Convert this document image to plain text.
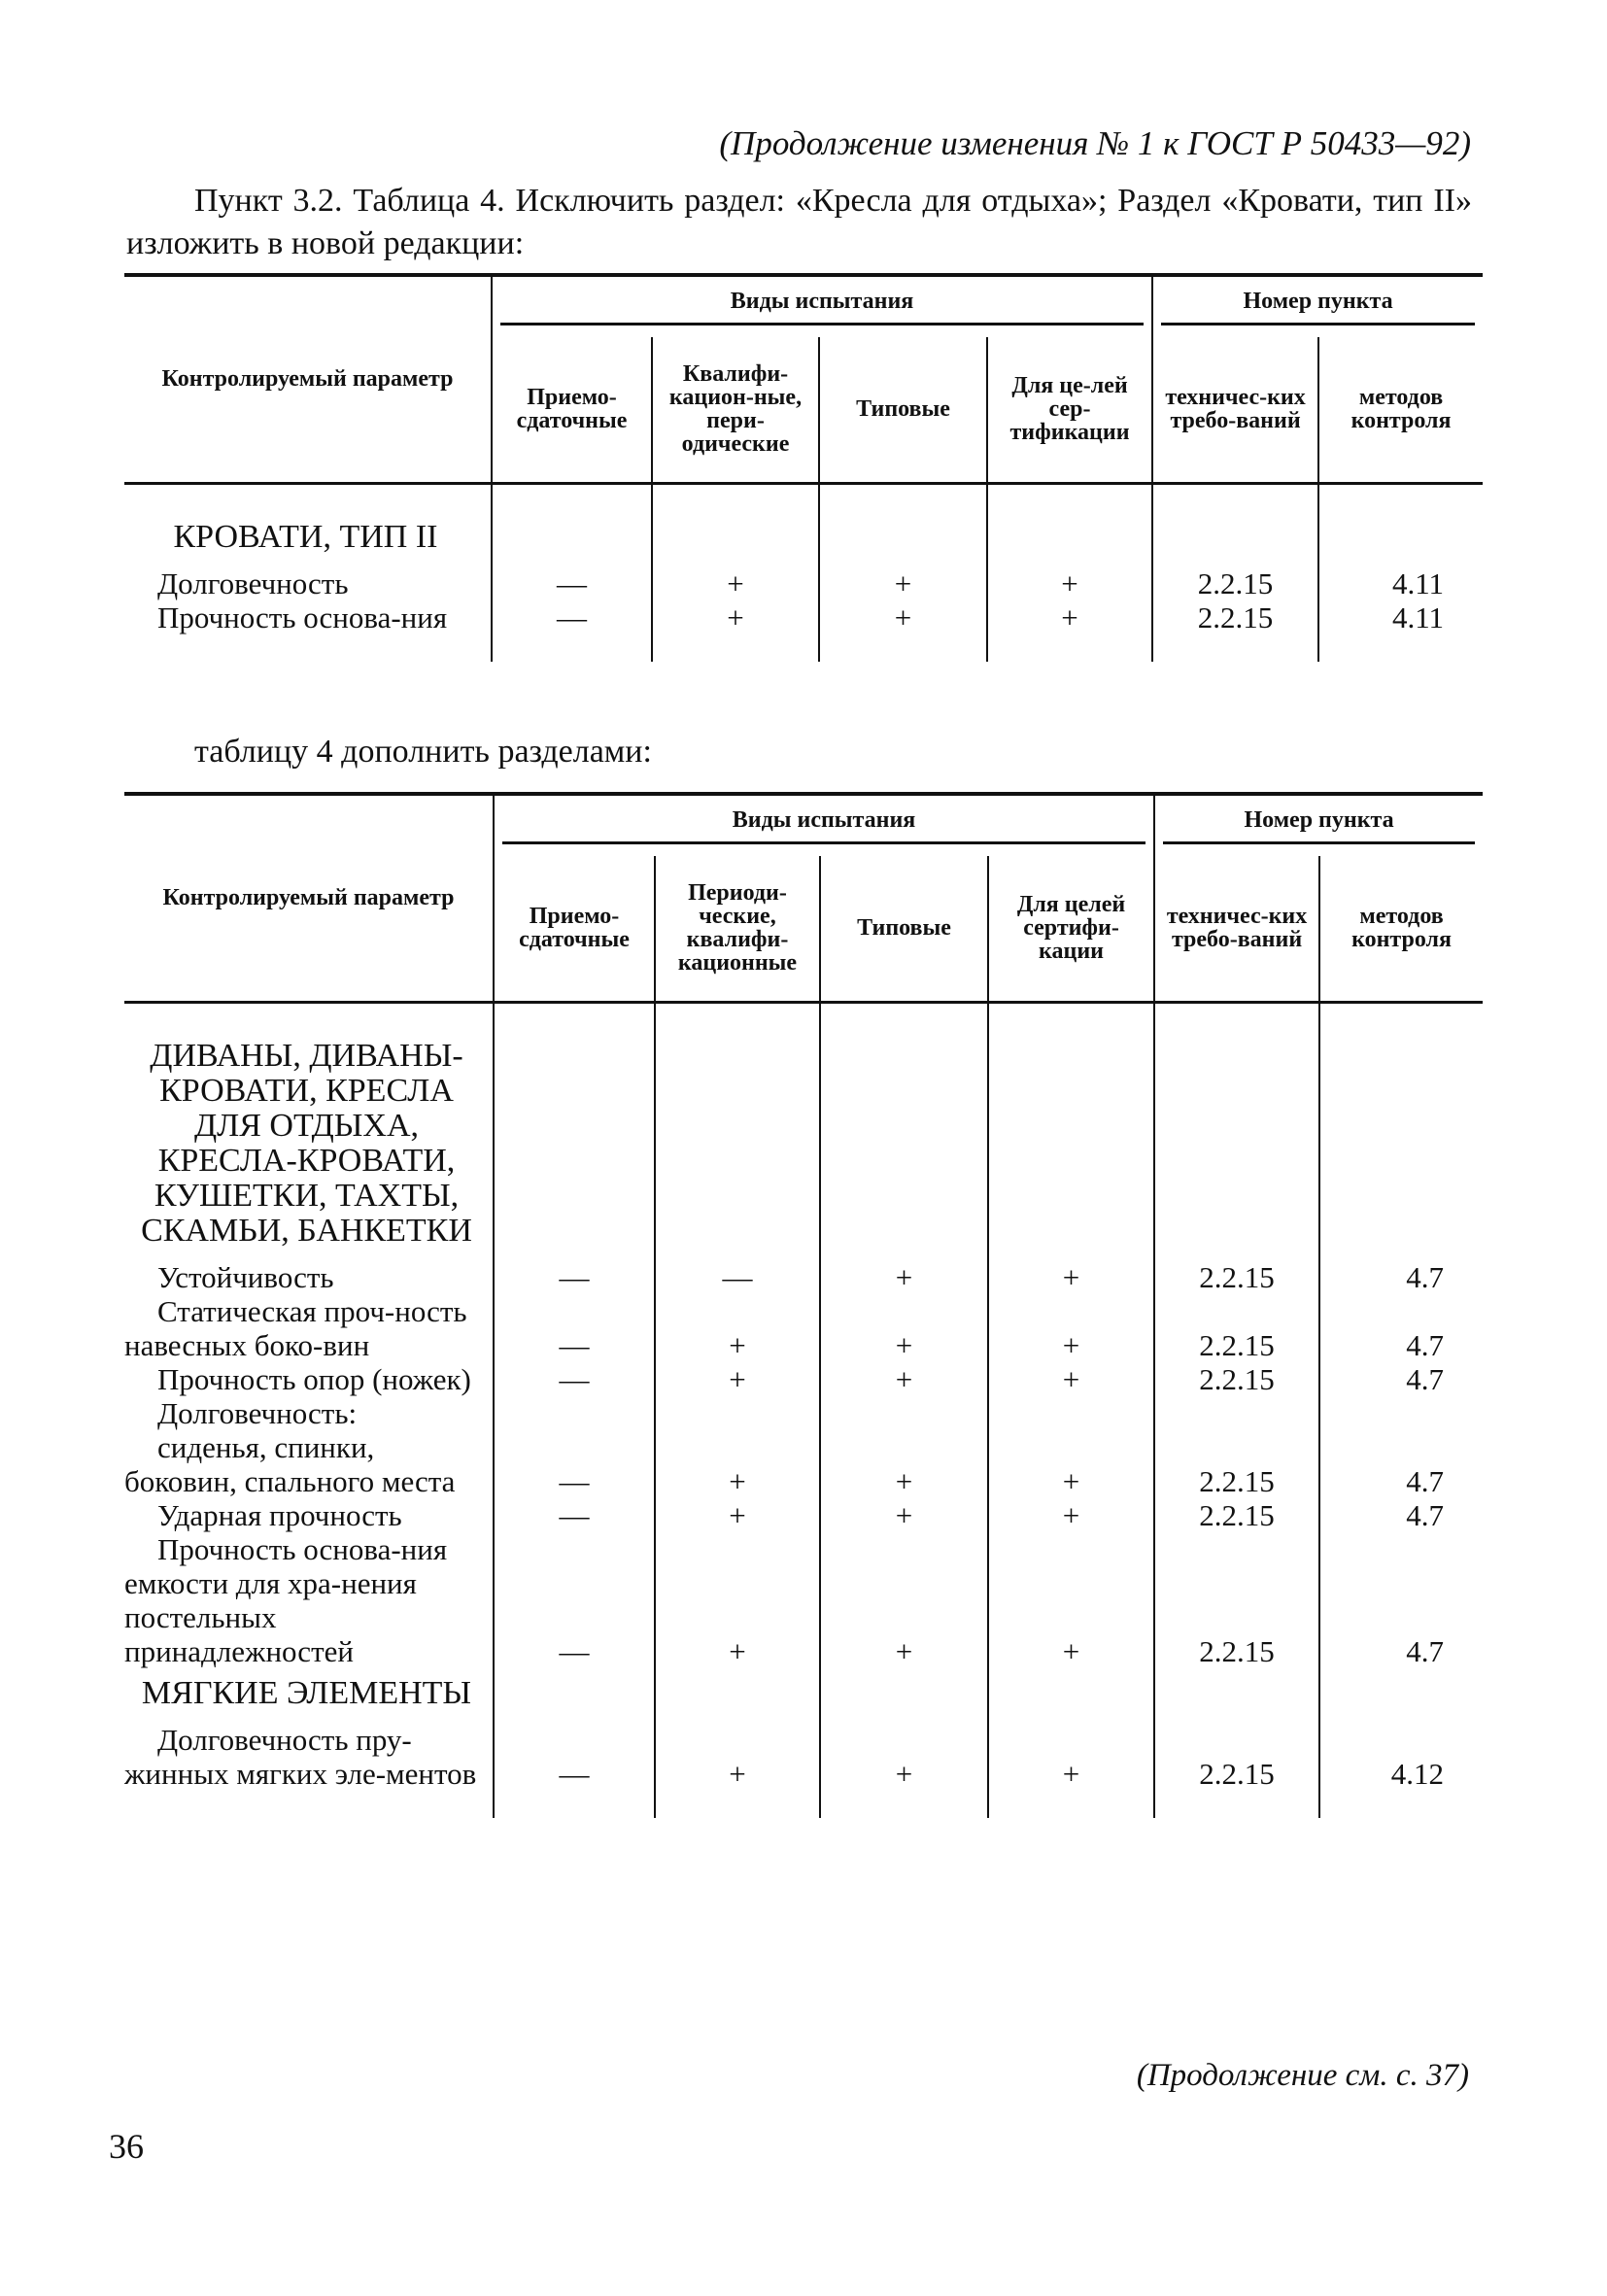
(Продолжение изменения № 1 к ГОСТ Р 50433—92)
Пункт 3.2. Таблица 4. Исключить раздел: «Кресла для отдыха»; Раздел «Кровати, тип II» изложить в новой редакции:
Контролируемый параметр	Виды испытания				Номер пункта	

	Приемо-сдаточные	Квалифи-кацион-ные, пери-одические	Типовые	Для це-лей сер-тификации	техничес-ких требо-ваний	методов контроля

КРОВАТИ, ТИП II						
Долговечность	—	+	+	+	2.2.15	4.11
Прочность основа-ния	—	+	+	+	2.2.15	4.11

таблицу 4 дополнить разделами:
Контролируемый параметр	Виды испытания				Номер пункта	

	Приемо-сдаточные	Периоди-ческие, квалифи-кационные	Типовые	Для целей сертифи-кации	техничес-ких требо-ваний	методов контроля

ДИВАНЫ, ДИВАНЫ-КРОВАТИ, КРЕСЛА ДЛЯ ОТДЫХА, КРЕСЛА-КРОВАТИ, КУШЕТКИ, ТАХТЫ, СКАМЬИ, БАНКЕТКИ						
Устойчивость	—	—	+	+	2.2.15	4.7
Статическая проч-ность навесных боко-вин	—	+	+	+	2.2.15	4.7
Прочность опор (ножек)	—	+	+	+	2.2.15	4.7
Долговечность:						
сиденья, спинки, боковин, спального места	—	+	+	+	2.2.15	4.7
Ударная прочность	—	+	+	+	2.2.15	4.7
Прочность основа-ния емкости для хра-нения постельных принадлежностей	—	+	+	+	2.2.15	4.7
МЯГКИЕ ЭЛЕМЕНТЫ						
Долговечность пру-жинных мягких эле-ментов	—	+	+	+	2.2.15	4.12

(Продолжение см. с. 37)
36
